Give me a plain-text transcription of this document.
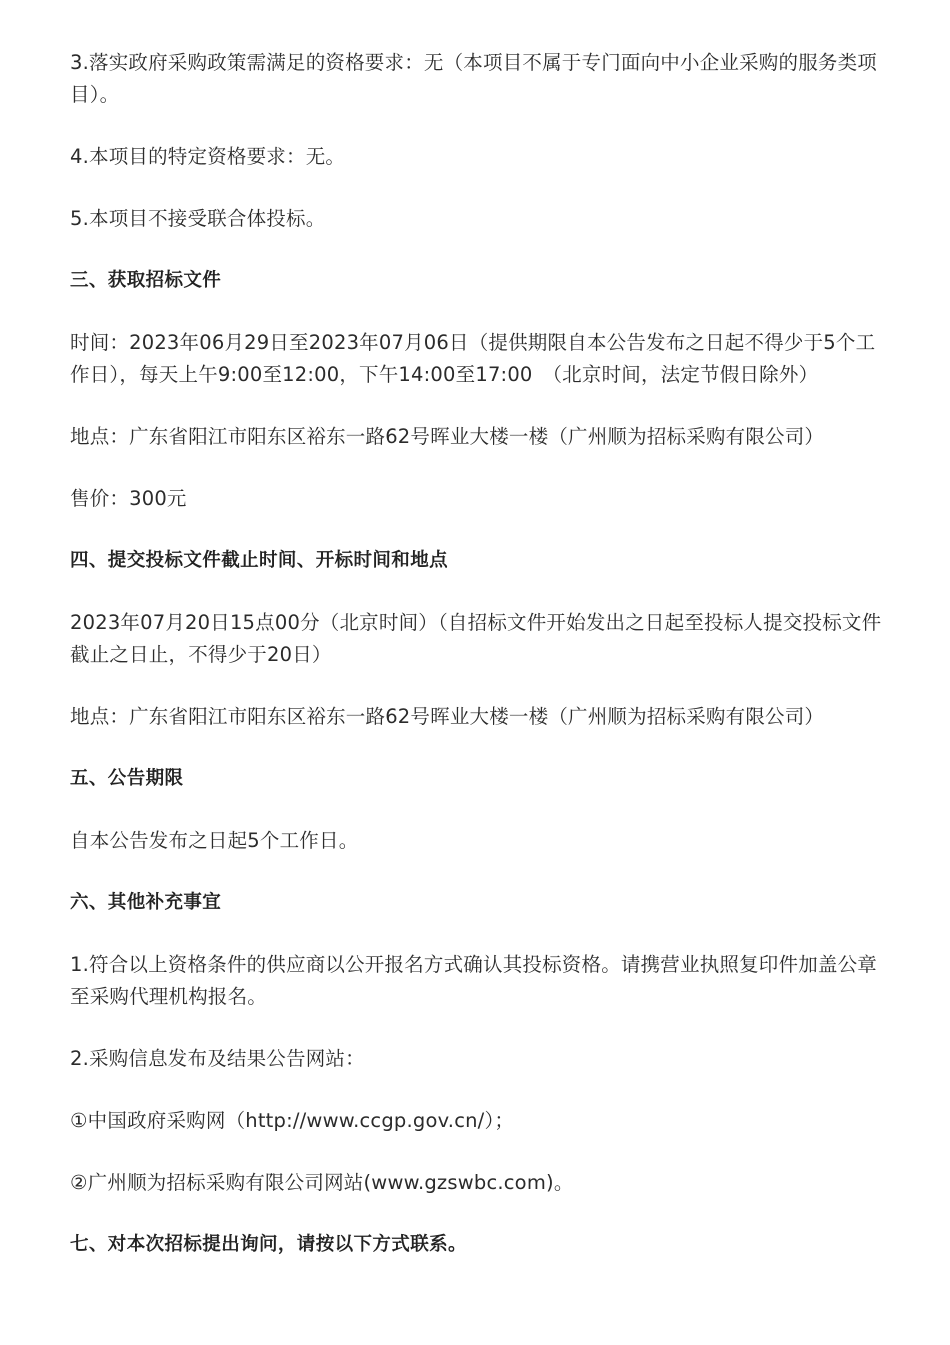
3.落实政府采购政策需满足的资格要求：无（本项目不属于专门面向中小企业采购的服务类项目）。

4.本项目的特定资格要求：无。

5.本项目不接受联合体投标。

三、获取招标文件

时间：2023年06月29日至2023年07月06日（提供期限自本公告发布之日起不得少于5个工作日），每天上午9:00至12:00，下午14:00至17:00　（北京时间，法定节假日除外）

地点：广东省阳江市阳东区裕东一路62号晖业大楼一楼（广州顺为招标采购有限公司）

售价：300元

四、提交投标文件截止时间、开标时间和地点

2023年07月20日15点00分（北京时间）（自招标文件开始发出之日起至投标人提交投标文件截止之日止，不得少于20日）

地点：广东省阳江市阳东区裕东一路62号晖业大楼一楼（广州顺为招标采购有限公司）

五、公告期限

自本公告发布之日起5个工作日。

六、其他补充事宜

1.符合以上资格条件的供应商以公开报名方式确认其投标资格。请携营业执照复印件加盖公章至采购代理机构报名。

2.采购信息发布及结果公告网站：

①中国政府采购网（http://www.ccgp.gov.cn/）；

②广州顺为招标采购有限公司网站(www.gzswbc.com)。

七、对本次招标提出询问，请按以下方式联系。
